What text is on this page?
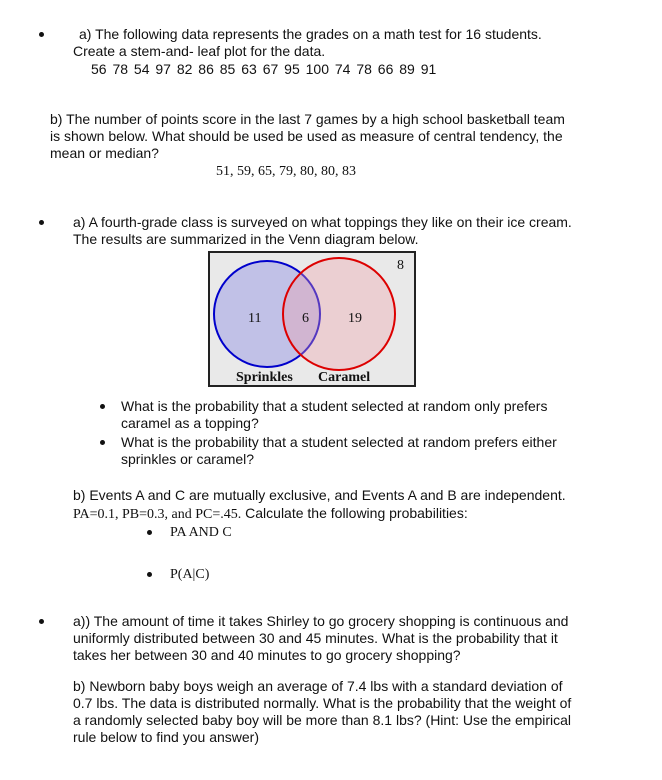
a) The following data represents the grades on a math test for 16 students.
Create a stem-and- leaf plot for the data.
56 78 54 97 82 86 85 63 67 95 100 74 78 66 89 91
b) The number of points score in the last 7 games by a high school basketball team
is shown below. What should be used be used as measure of central tendency, the
mean or median?
51, 59, 65, 79, 80, 80, 83
a) A fourth-grade class is surveyed on what toppings they like on their ice cream.
The results are summarized in the Venn diagram below.
8
11	6	19
Sprinkles Caramel
What is the probability that a student selected at random only prefers
caramel as a topping?
What is the probability that a student selected at random prefers either
sprinkles or caramel?
b) Events A and C are mutually exclusive, and Events A and B are independent.
PA=0.1, PB=0.3, and PC=.45. Calculate the following probabilities:
PA AND C
P(A|C)
a)) The amount of time it takes Shirley to go grocery shopping is continuous and
uniformly distributed between 30 and 45 minutes. What is the probability that it
takes her between 30 and 40 minutes to go grocery shopping?
b) Newborn baby boys weigh an average of 7.4 lbs with a standard deviation of
0.7 lbs. The data is distributed normally. What is the probability that the weight of
a randomly selected baby boy will be more than 8.1 lbs? (Hint: Use the empirical
rule below to find you answer)
